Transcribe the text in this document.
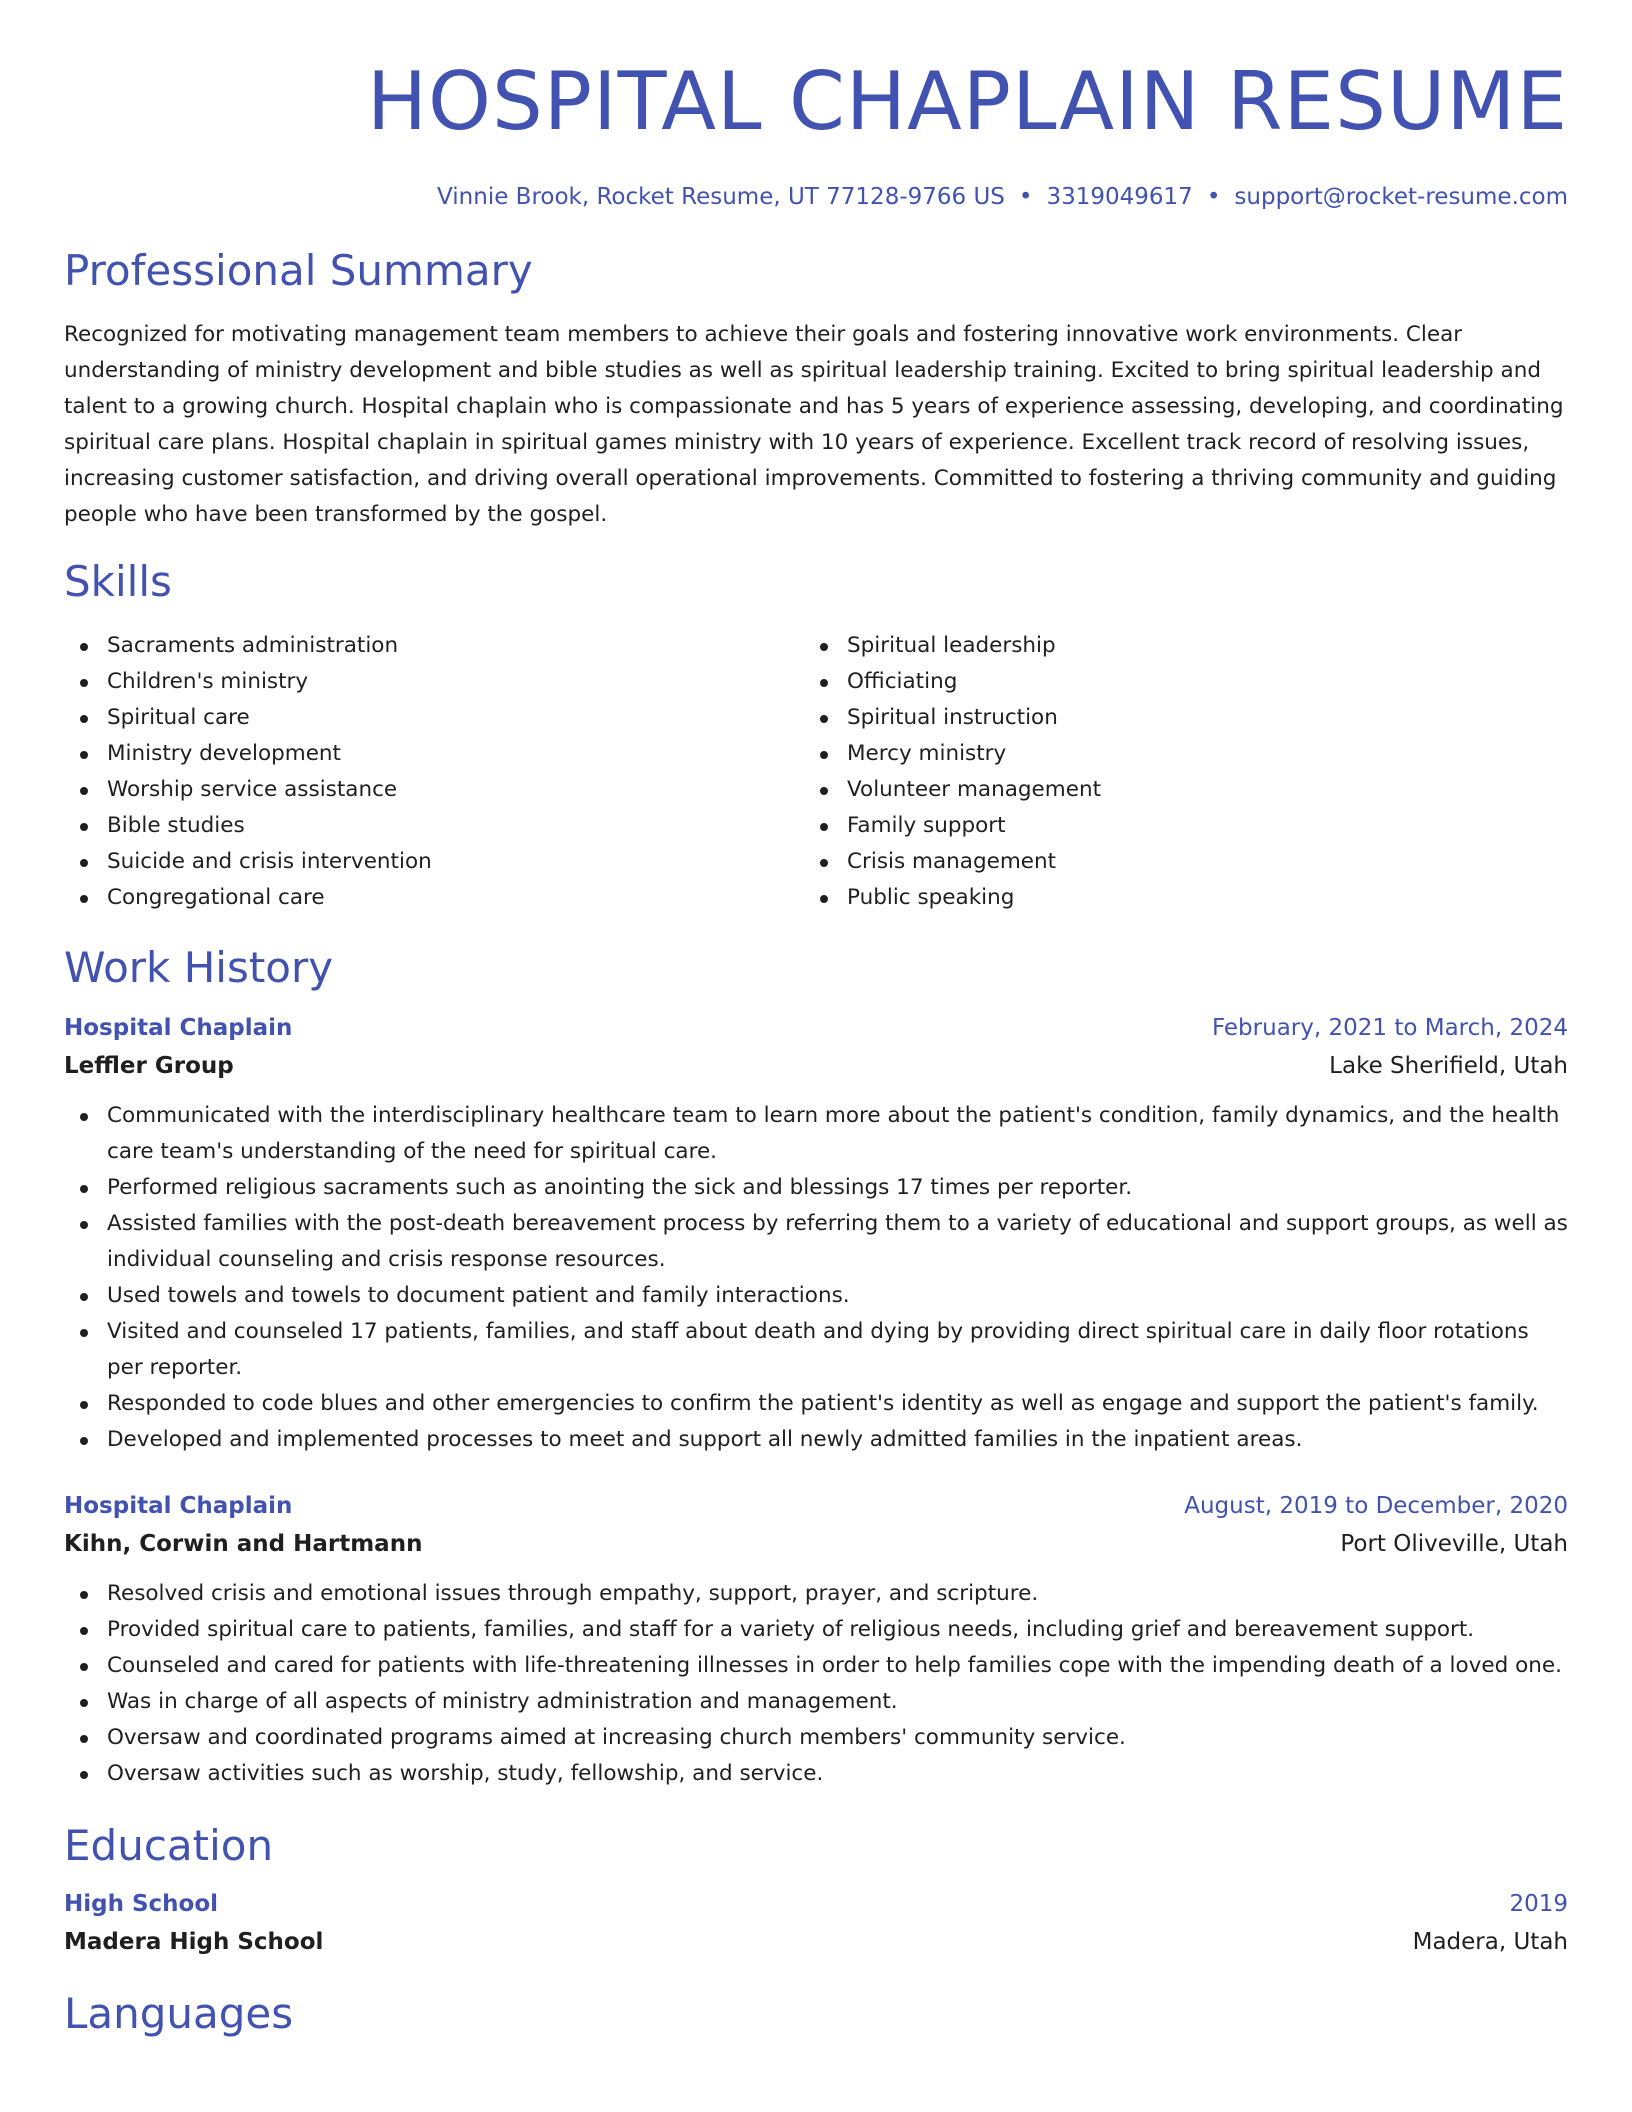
HOSPITAL CHAPLAIN RESUME
Vinnie Brook, Rocket Resume, UT 77128-9766 US • 3319049617 • support@rocket-resume.com
Professional Summary

Recognized for motivating management team members to achieve their goals and fostering innovative work environments. Clear understanding of ministry development and bible studies as well as spiritual leadership training. Excited to bring spiritual leadership and talent to a growing church. Hospital chaplain who is compassionate and has 5 years of experience assessing, developing, and coordinating spiritual care plans. Hospital chaplain in spiritual games ministry with 10 years of experience. Excellent track record of resolving issues, increasing customer satisfaction, and driving overall operational improvements. Committed to fostering a thriving community and guiding people who have been transformed by the gospel.

Skills
Sacraments administration
Children's ministry
Spiritual care
Ministry development
Worship service assistance
Bible studies
Suicide and crisis intervention
Congregational care
Spiritual leadership
Officiating
Spiritual instruction
Mercy ministry
Volunteer management
Family support
Crisis management
Public speaking
Work History
Hospital Chaplain	February, 2021 to March, 2024
Leffler Group	Lake Sherifield, Utah
Communicated with the interdisciplinary healthcare team to learn more about the patient's condition, family dynamics, and the health care team's understanding of the need for spiritual care.
Performed religious sacraments such as anointing the sick and blessings 17 times per reporter.
Assisted families with the post-death bereavement process by referring them to a variety of educational and support groups, as well as individual counseling and crisis response resources.
Used towels and towels to document patient and family interactions.
Visited and counseled 17 patients, families, and staff about death and dying by providing direct spiritual care in daily floor rotations per reporter.
Responded to code blues and other emergencies to confirm the patient's identity as well as engage and support the patient's family.
Developed and implemented processes to meet and support all newly admitted families in the inpatient areas.
Hospital Chaplain	August, 2019 to December, 2020
Kihn, Corwin and Hartmann	Port Oliveville, Utah
Resolved crisis and emotional issues through empathy, support, prayer, and scripture.
Provided spiritual care to patients, families, and staff for a variety of religious needs, including grief and bereavement support.
Counseled and cared for patients with life-threatening illnesses in order to help families cope with the impending death of a loved one.
Was in charge of all aspects of ministry administration and management.
Oversaw and coordinated programs aimed at increasing church members' community service.
Oversaw activities such as worship, study, fellowship, and service.
Education
High School	2019
Madera High School	Madera, Utah
Languages
